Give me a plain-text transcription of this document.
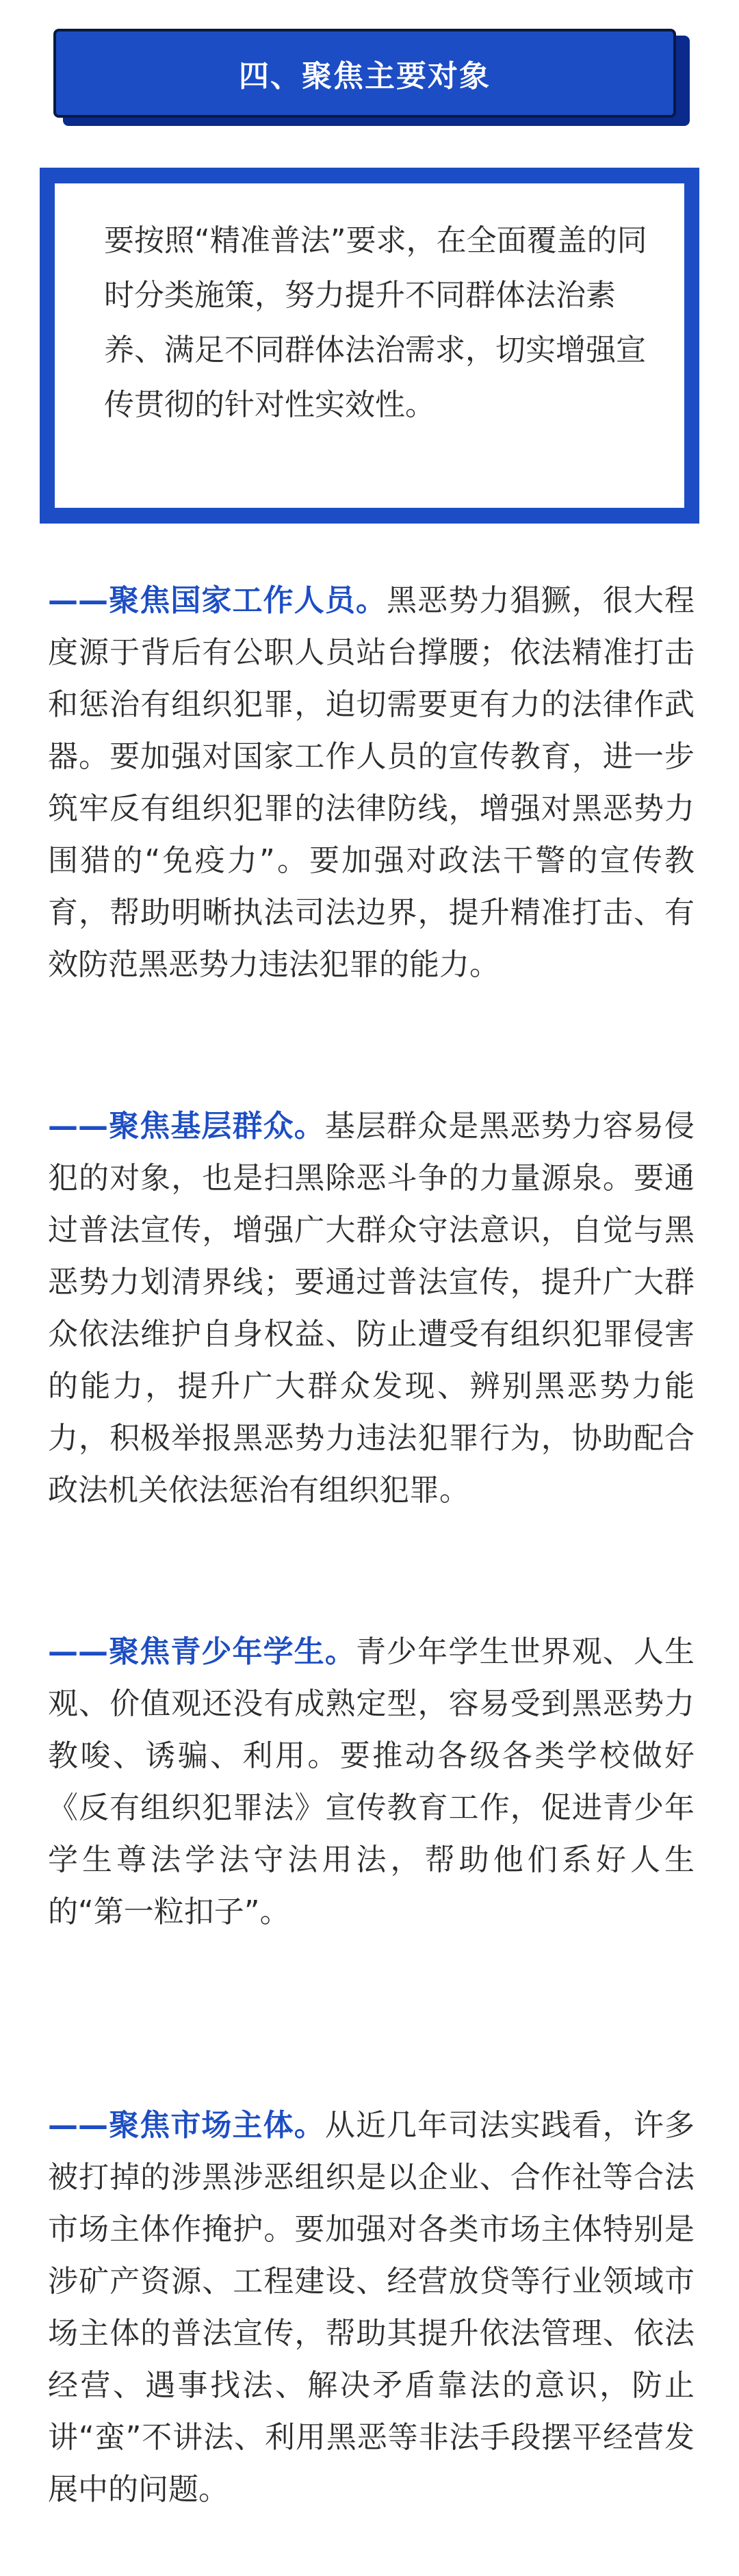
四、聚焦主要对象
要按照“精准普法”要求，在全面覆盖的同时分类施策，努力提升不同群体法治素养、满足不同群体法治需求，切实增强宣传贯彻的针对性实效性。
——聚焦国家工作人员。黑恶势力猖獗，很大程度源于背后有公职人员站台撑腰；依法精准打击和惩治有组织犯罪，迫切需要更有力的法律作武器。要加强对国家工作人员的宣传教育，进一步筑牢反有组织犯罪的法律防线，增强对黑恶势力围猎的“免疫力”。要加强对政法干警的宣传教育，帮助明晰执法司法边界，提升精准打击、有效防范黑恶势力违法犯罪的能力。
——聚焦基层群众。基层群众是黑恶势力容易侵犯的对象，也是扫黑除恶斗争的力量源泉。要通过普法宣传，增强广大群众守法意识，自觉与黑恶势力划清界线；要通过普法宣传，提升广大群众依法维护自身权益、防止遭受有组织犯罪侵害的能力，提升广大群众发现、辨别黑恶势力能力，积极举报黑恶势力违法犯罪行为，协助配合政法机关依法惩治有组织犯罪。
——聚焦青少年学生。青少年学生世界观、人生观、价值观还没有成熟定型，容易受到黑恶势力教唆、诱骗、利用。要推动各级各类学校做好《反有组织犯罪法》宣传教育工作，促进青少年学生尊法学法守法用法，帮助他们系好人生的“第一粒扣子”。
——聚焦市场主体。从近几年司法实践看，许多被打掉的涉黑涉恶组织是以企业、合作社等合法市场主体作掩护。要加强对各类市场主体特别是涉矿产资源、工程建设、经营放贷等行业领域市场主体的普法宣传，帮助其提升依法管理、依法经营、遇事找法、解决矛盾靠法的意识，防止讲“蛮”不讲法、利用黑恶等非法手段摆平经营发展中的问题。
